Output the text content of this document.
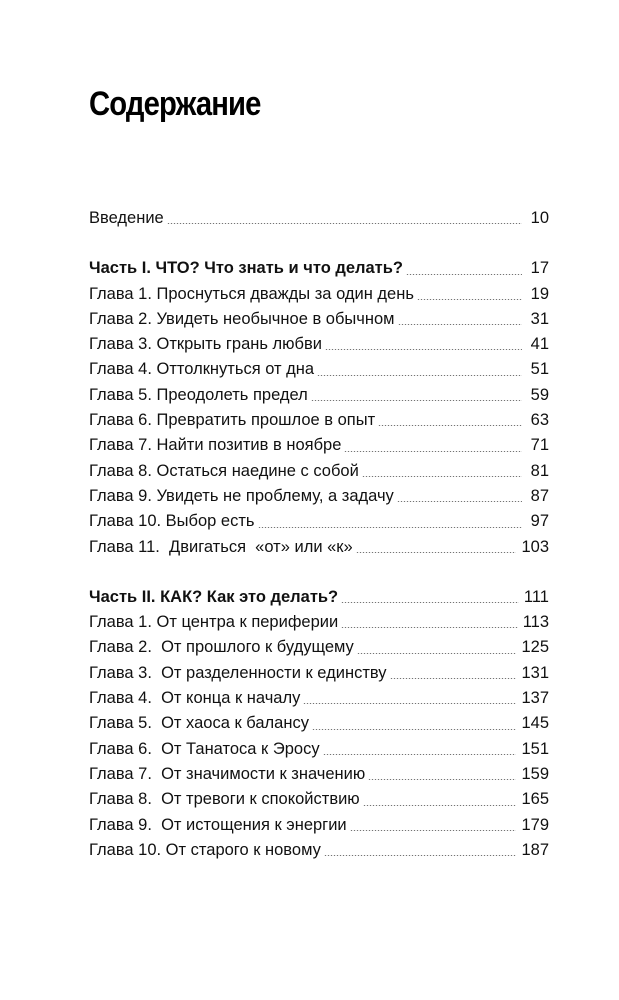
Содержание
Введение	10
Часть I. ЧТО? Что знать и что делать?	17
Глава 1. Проснуться дважды за один день	19
Глава 2. Увидеть необычное в обычном	31
Глава 3. Открыть грань любви	41
Глава 4. Оттолкнуться от дна	51
Глава 5. Преодолеть предел	59
Глава 6. Превратить прошлое в опыт	63
Глава 7. Найти позитив в ноябре	71
Глава 8. Остаться наедине с собой	81
Глава 9. Увидеть не проблему, а задачу	87
Глава 10. Выбор есть	97
Глава 11.  Двигаться  «от» или «к»	103
Часть II. КАК? Как это делать?	111
Глава 1. От центра к периферии	113
Глава 2.  От прошлого к будущему	125
Глава 3.  От разделенности к единству	131
Глава 4.  От конца к началу	137
Глава 5.  От хаоса к балансу	145
Глава 6.  От Танатоса к Эросу	151
Глава 7.  От значимости к значению	159
Глава 8.  От тревоги к спокойствию	165
Глава 9.  От истощения к энергии	179
Глава 10. От старого к новому	187
